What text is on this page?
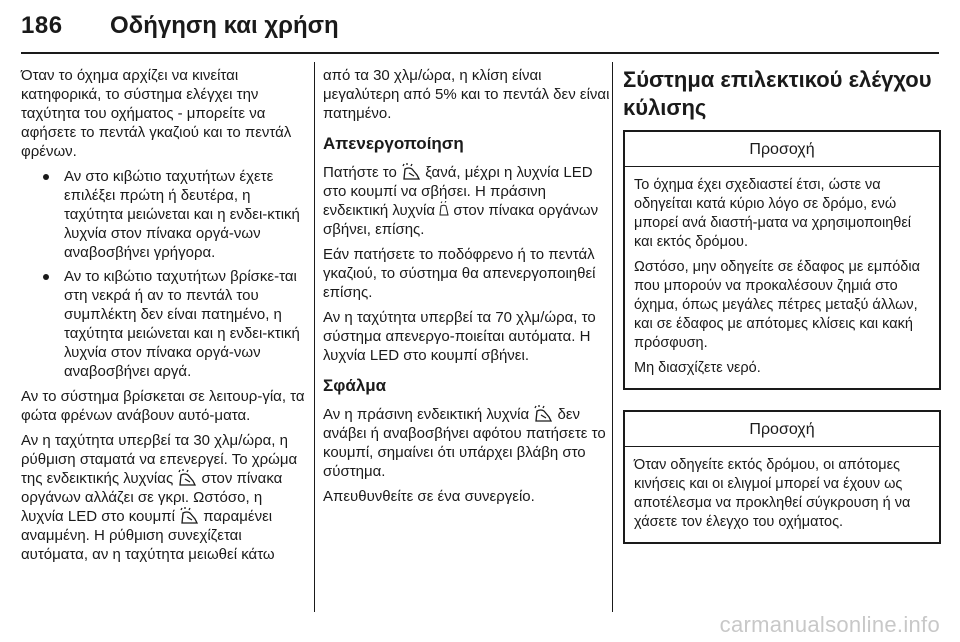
186 Οδήγηση και χρήση

Όταν το όχημα αρχίζει να κινείται κατηφορικά, το σύστημα ελέγχει την ταχύτητα του οχήματος - μπορείτε να αφήσετε το πεντάλ γκαζιού και το πεντάλ φρένων.

Αν στο κιβώτιο ταχυτήτων έχετε επιλέξει πρώτη ή δευτέρα, η ταχύτητα μειώνεται και η ενδει‐κτική λυχνία στον πίνακα οργά‐νων αναβοσβήνει γρήγορα.
Αν το κιβώτιο ταχυτήτων βρίσκε‐ται στη νεκρά ή αν το πεντάλ του συμπλέκτη δεν είναι πατημένο, η ταχύτητα μειώνεται και η ενδει‐κτική λυχνία στον πίνακα οργά‐νων αναβοσβήνει αργά.

Αν το σύστημα βρίσκεται σε λειτουρ‐γία, τα φώτα φρένων ανάβουν αυτό‐ματα.

Αν η ταχύτητα υπερβεί τα 30 χλμ/ώρα, η ρύθμιση σταματά να επενεργεί. Το χρώμα της ενδεικτικής λυχνίας στον πίνακα οργάνων αλλάζει σε γκρι. Ωστόσο, η λυχνία LED στο κουμπί παραμένει αναμμένη. Η ρύθμιση συνεχίζεται αυτόματα, αν η ταχύτητα μειωθεί κάτω

από τα 30 χλμ/ώρα, η κλίση είναι μεγαλύτερη από 5% και το πεντάλ δεν είναι πατημένο.

Απενεργοποίηση

Πατήστε το ξανά, μέχρι η λυχνία LED στο κουμπί να σβήσει. Η πράσινη ενδεικτική λυχνία στον πίνακα οργάνων σβήνει, επίσης.

Εάν πατήσετε το ποδόφρενο ή το πεντάλ γκαζιού, το σύστημα θα απενεργοποιηθεί επίσης.

Αν η ταχύτητα υπερβεί τα 70 χλμ/ώρα, το σύστημα απενεργο‐ποιείται αυτόματα. Η λυχνία LED στο κουμπί σβήνει.

Σφάλμα

Αν η πράσινη ενδεικτική λυχνία δεν ανάβει ή αναβοσβήνει αφότου πατήσετε το κουμπί, σημαίνει ότι υπάρχει βλάβη στο σύστημα.

Απευθυνθείτε σε ένα συνεργείο.

Σύστημα επιλεκτικού ελέγχου κύλισης
Προσοχή

Το όχημα έχει σχεδιαστεί έτσι, ώστε να οδηγείται κατά κύριο λόγο σε δρόμο, ενώ μπορεί ανά διαστή‐ματα να χρησιμοποιηθεί και εκτός δρόμου.

Ωστόσο, μην οδηγείτε σε έδαφος με εμπόδια που μπορούν να προκαλέσουν ζημιά στο όχημα, όπως μεγάλες πέτρες μεταξύ άλλων, και σε έδαφος με απότομες κλίσεις και κακή πρόσφυση.

Μη διασχίζετε νερό.

Προσοχή

Όταν οδηγείτε εκτός δρόμου, οι απότομες κινήσεις και οι ελιγμοί μπορεί να έχουν ως αποτέλεσμα να προκληθεί σύγκρουση ή να χάσετε τον έλεγχο του οχήματος.

carmanualsonline.info
